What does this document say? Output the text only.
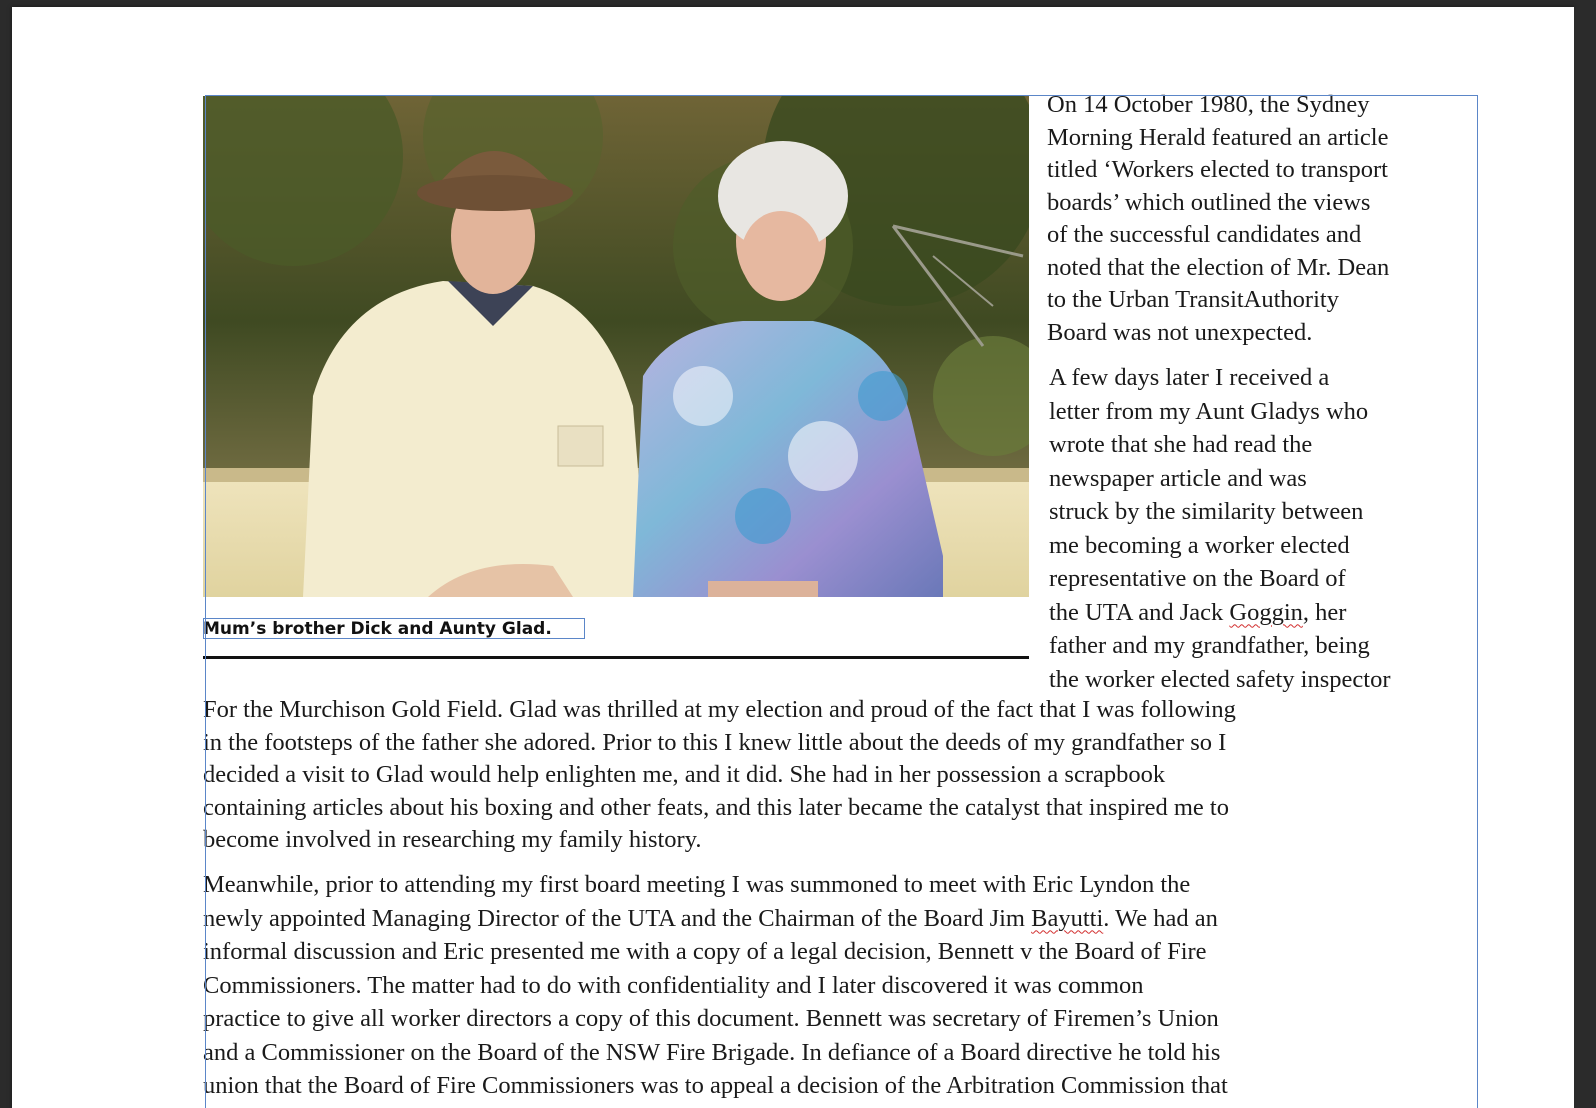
Mum’s brother Dick and Aunty Glad.
On 14 October 1980, the Sydney
Morning Herald featured an article
titled ‘Workers elected to transport
boards’ which outlined the views
of the successful candidates and
noted that the election of Mr. Dean
to the Urban TransitAuthority
Board was not unexpected.
A few days later I received a
letter from my Aunt Gladys who
wrote that she had read the
newspaper article and was
struck by the similarity between
me becoming a worker elected
representative on the Board of
the UTA and Jack Goggin, her
father and my grandfather, being
the worker elected safety inspector
For the Murchison Gold Field. Glad was thrilled at my election and proud of the fact that I was following
in the footsteps of the father she adored. Prior to this I knew little about the deeds of my grandfather so I
decided a visit to Glad would help enlighten me, and it did. She had in her possession a scrapbook
containing articles about his boxing and other feats, and this later became the catalyst that inspired me to
become involved in researching my family history.
Meanwhile, prior to attending my first board meeting I was summoned to meet with Eric Lyndon the
newly appointed Managing Director of the UTA and the Chairman of the Board Jim Bayutti. We had an
informal discussion and Eric presented me with a copy of a legal decision, Bennett v the Board of Fire
Commissioners. The matter had to do with confidentiality and I later discovered it was common
practice to give all worker directors a copy of this document. Bennett was secretary of Firemen’s Union
and a Commissioner on the Board of the NSW Fire Brigade. In defiance of a Board directive he told his
union that the Board of Fire Commissioners was to appeal a decision of the Arbitration Commission that
